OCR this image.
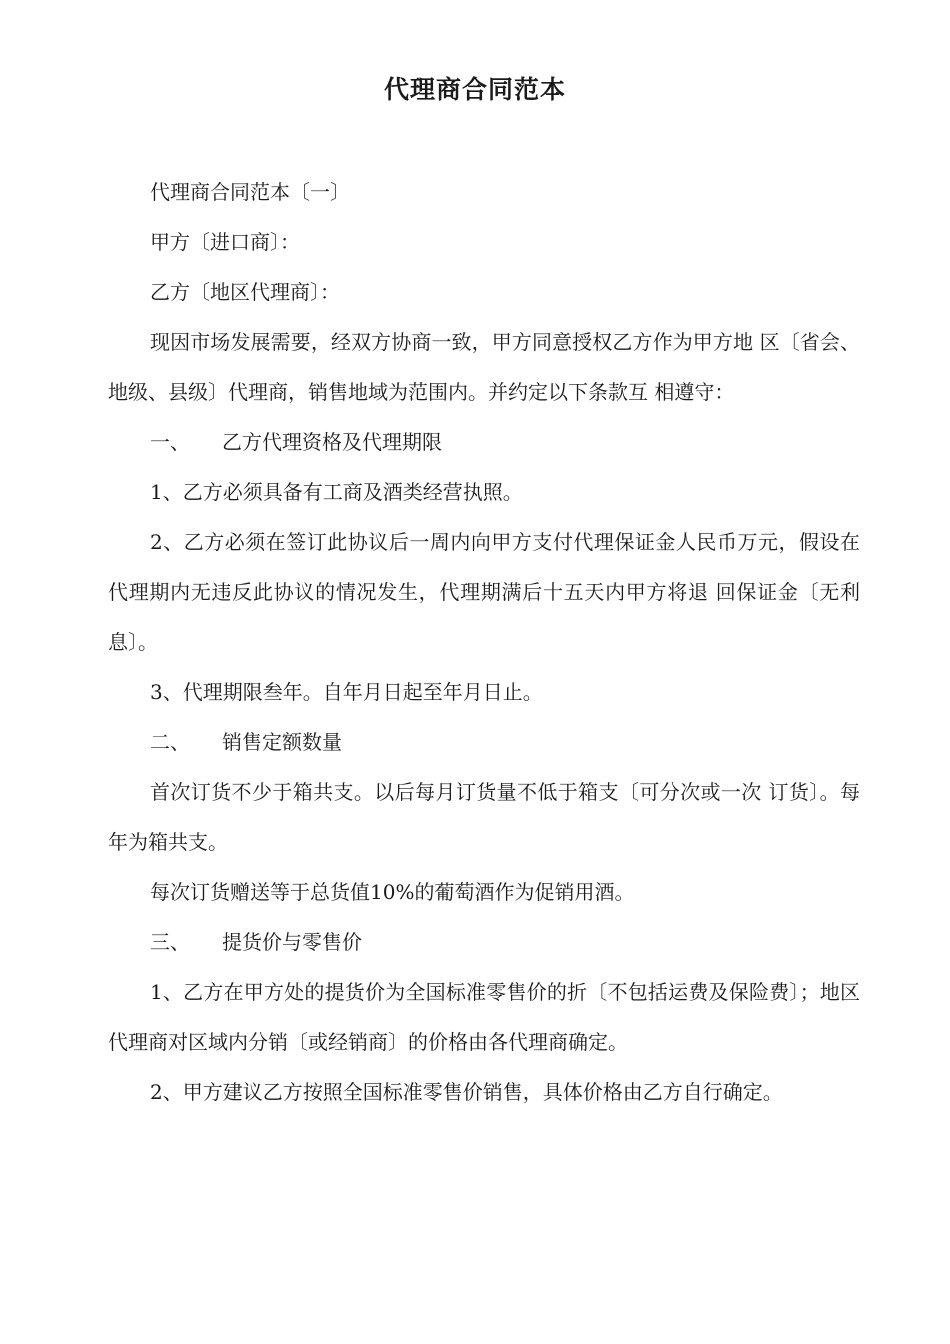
代理商合同范本

代理商合同范本〔一〕

甲方〔进口商〕：

乙方〔地区代理商〕：

现因市场发展需要，经双方协商一致，甲方同意授权乙方作为甲方地 区〔省会、地级、县级〕代理商，销售地域为范围内。并约定以下条款互 相遵守：

一、 乙方代理资格及代理期限

1、乙方必须具备有工商及酒类经营执照。

2、乙方必须在签订此协议后一周内向甲方支付代理保证金人民币万元，假设在代理期内无违反此协议的情况发生，代理期满后十五天内甲方将退 回保证金〔无利息〕。

3、代理期限叁年。自年月日起至年月日止。

二、 销售定额数量

首次订货不少于箱共支。以后每月订货量不低于箱支〔可分次或一次 订货〕。每年为箱共支。

每次订货赠送等于总货值10%的葡萄酒作为促销用酒。

三、 提货价与零售价

1、乙方在甲方处的提货价为全国标准零售价的折〔不包括运费及保险费〕；地区代理商对区域内分销〔或经销商〕的价格由各代理商确定。

2、甲方建议乙方按照全国标准零售价销售，具体价格由乙方自行确定。
